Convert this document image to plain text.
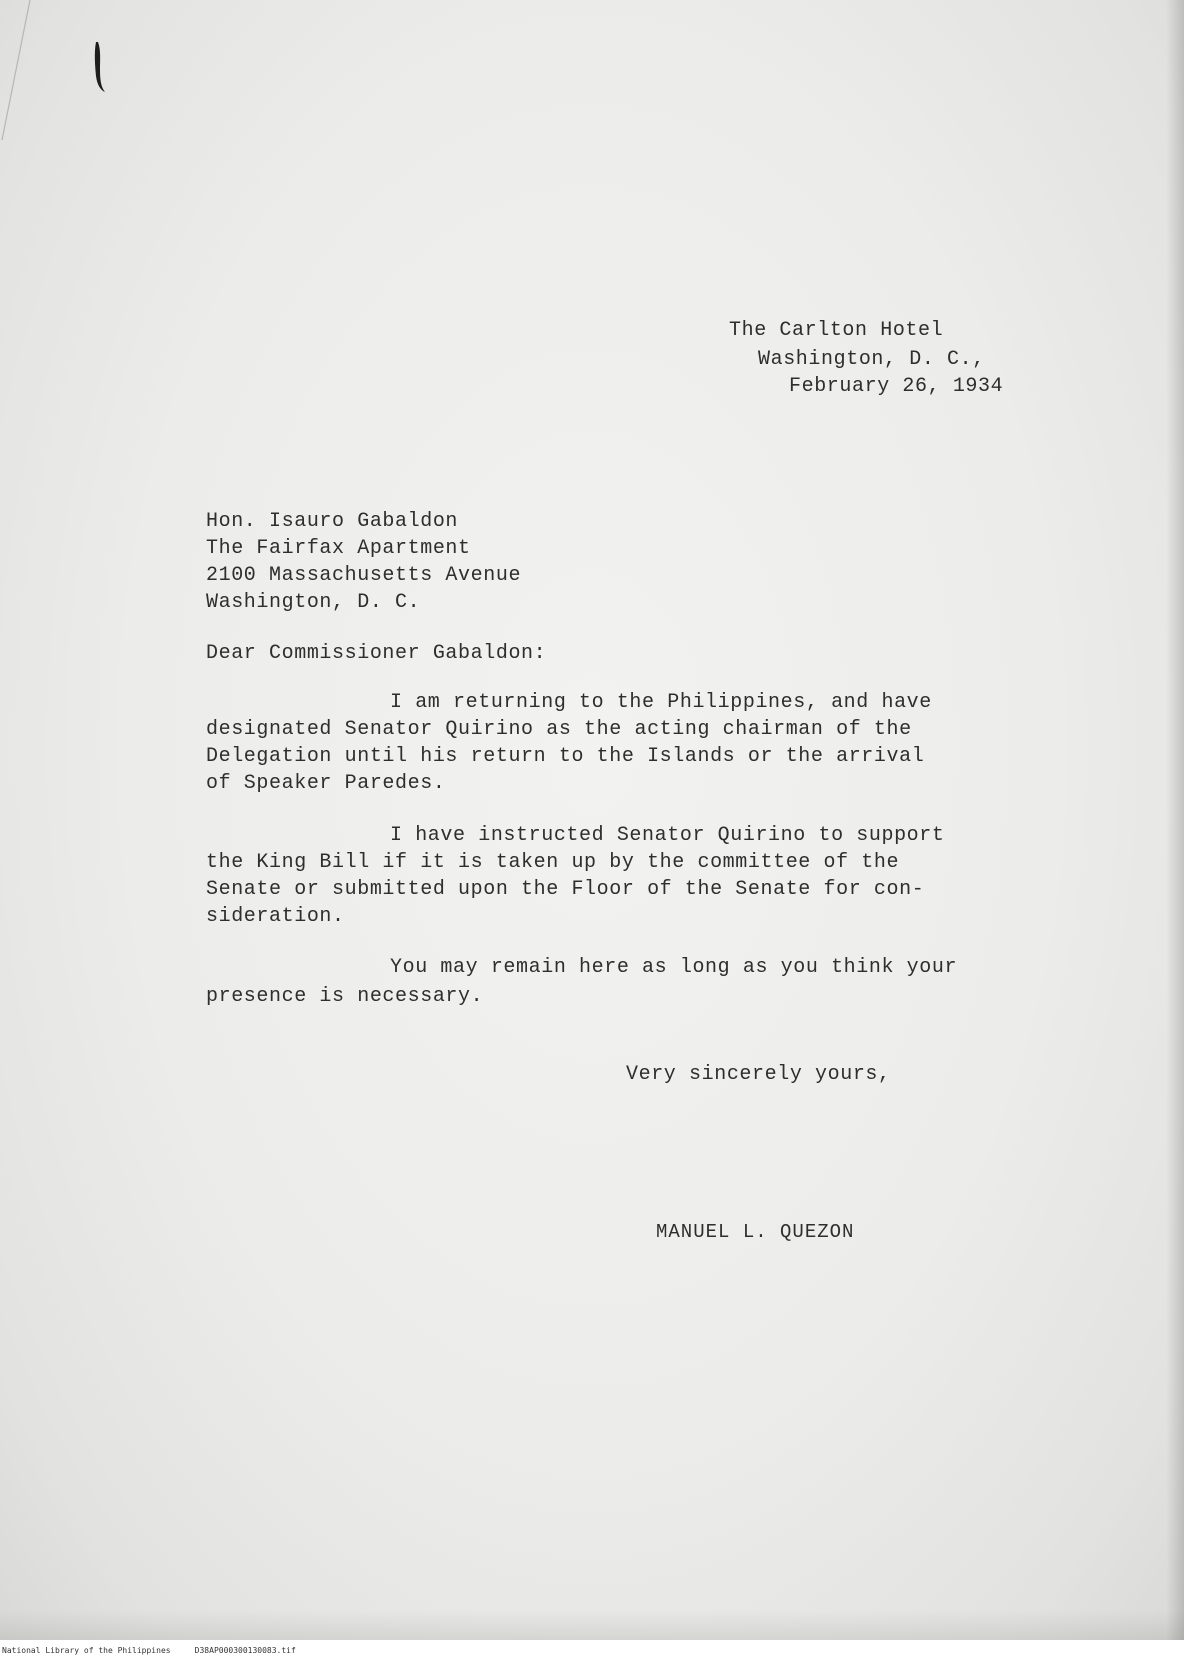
The Carlton Hotel
Washington, D. C.,
February 26, 1934
Hon. Isauro Gabaldon
The Fairfax Apartment
2100 Massachusetts Avenue
Washington, D. C.
Dear Commissioner Gabaldon:
I am returning to the Philippines, and have
designated Senator Quirino as the acting chairman of the
Delegation until his return to the Islands or the arrival
of Speaker Paredes.
I have instructed Senator Quirino to support
the King Bill if it is taken up by the committee of the
Senate or submitted upon the Floor of the Senate for con-
sideration.
You may remain here as long as you think your
presence is necessary.
Very sincerely yours,
MANUEL L. QUEZON
National Library of the Philippines	D38AP000300130083.tif
